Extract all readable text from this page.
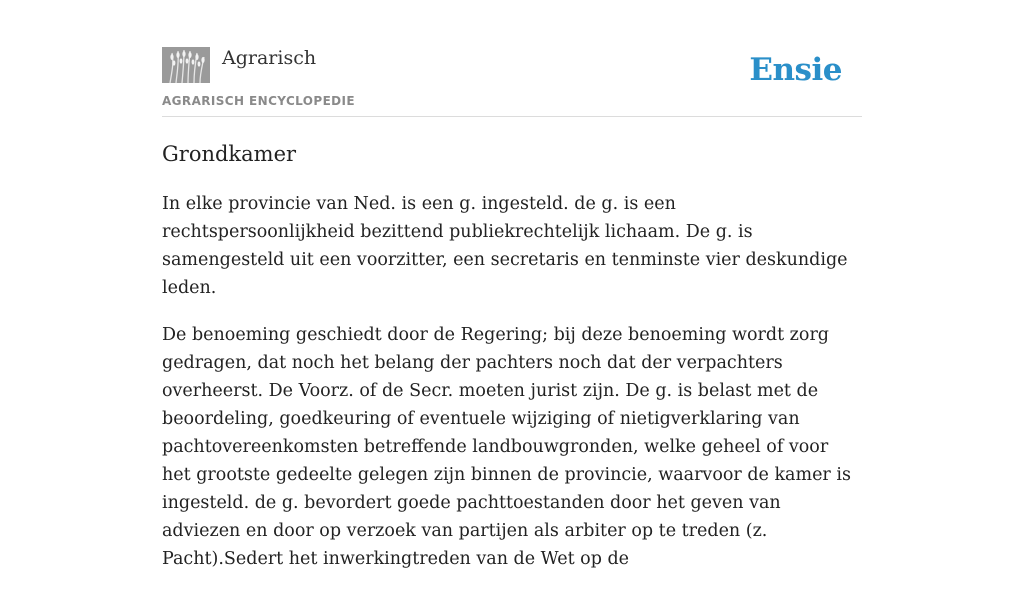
Agrarisch
AGRARISCH ENCYCLOPEDIE
Ensie
Grondkamer

In elke provincie van Ned. is een g. ingesteld. de g. is een rechtspersoonlijkheid bezittend publiekrechtelijk lichaam. De g. is samengesteld uit een voorzitter, een secretaris en tenminste vier deskundige leden.

De benoeming geschiedt door de Regering; bij deze benoeming wordt zorg gedragen, dat noch het belang der pachters noch dat der verpachters overheerst. De Voorz. of de Secr. moeten jurist zijn. De g. is belast met de beoordeling, goedkeuring of eventuele wijziging of nietigverklaring van pachtovereenkomsten betreffende landbouwgronden, welke geheel of voor het grootste gedeelte gelegen zijn binnen de provincie, waarvoor de kamer is ingesteld. de g. bevordert goede pachttoestanden door het geven van adviezen en door op verzoek van partijen als arbiter op te treden (z. Pacht).Sedert het inwerkingtreden van de Wet op de
